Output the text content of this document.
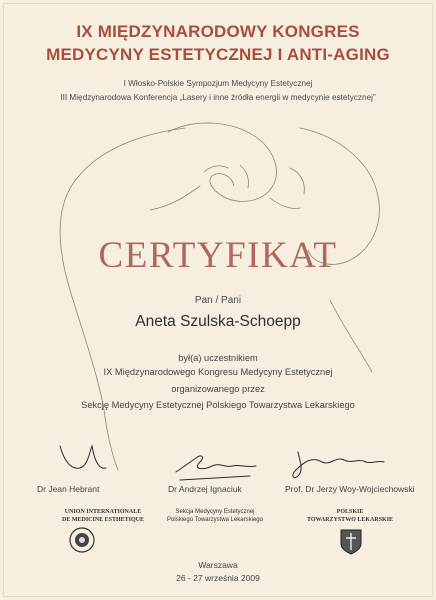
IX MIĘDZYNARODOWY KONGRES
MEDYCYNY ESTETYCZNEJ I ANTI-AGING
I Włosko-Polskie Sympozjum Medycyny Estetycznej
III Międzynarodowa Konferencja „Lasery i inne źródła energii w medycynie estetycznej”
CERTYFIKAT
Pan / Pani
Aneta Szulska-Schoepp
był(a) uczestnikiem
IX Międzynarodowego Kongresu Medycyny Estetycznej
organizowanego przez
Sekcję Medycyny Estetycznej Polskiego Towarzystwa Lekarskiego
Dr Jean Hebrant	Dr Andrzej Ignaciuk	Prof. Dr Jerzy Woy-Wojciechowski
UNION INTERNATIONALE
DE MEDICINE ESTHETIQUE
Sekcja Medycyny Estetycznej
Polskiego Towarzystwa Lekarskiego
POLSKIE
TOWARZYSTWO LEKARSKIE
Warszawa
26 - 27 września 2009
